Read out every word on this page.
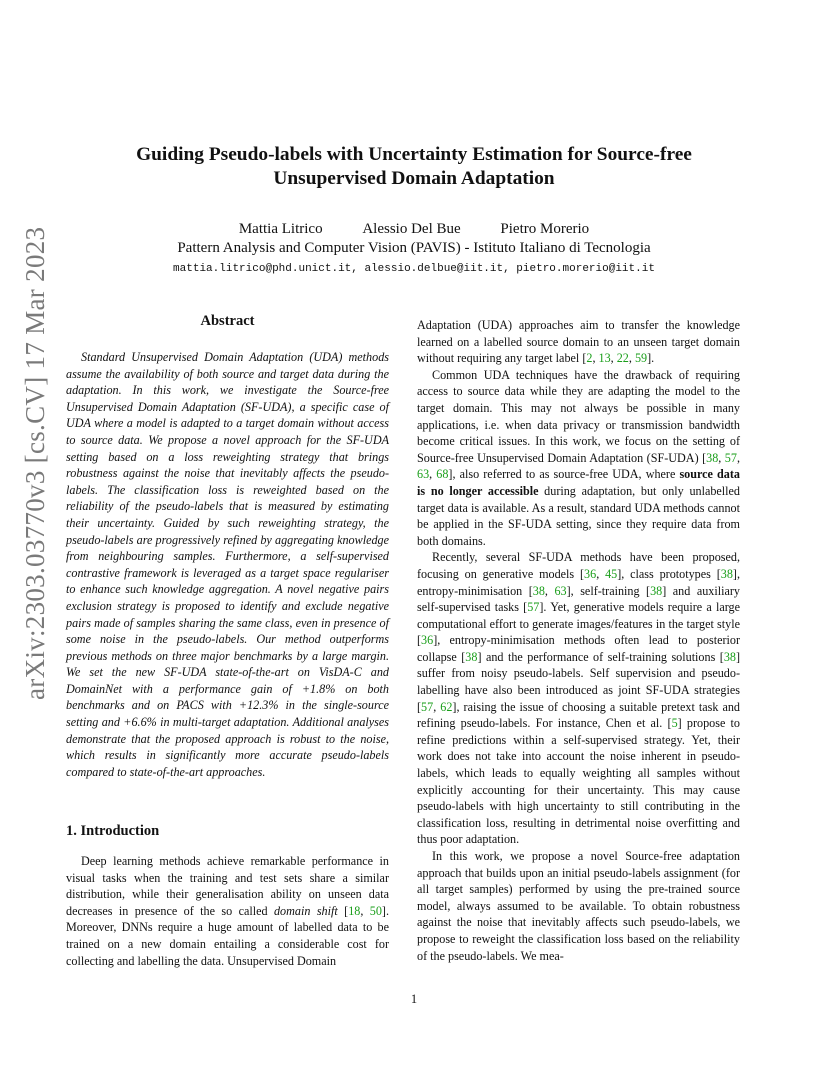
arXiv:2303.03770v3 [cs.CV] 17 Mar 2023
Guiding Pseudo-labels with Uncertainty Estimation for Source-free
Unsupervised Domain Adaptation
Mattia Litrico	Alessio Del Bue	Pietro Morerio
Pattern Analysis and Computer Vision (PAVIS) - Istituto Italiano di Tecnologia
mattia.litrico@phd.unict.it, alessio.delbue@iit.it, pietro.morerio@iit.it
Abstract

Standard Unsupervised Domain Adaptation (UDA) methods assume the availability of both source and target data during the adaptation. In this work, we investigate the Source-free Unsupervised Domain Adaptation (SF-UDA), a specific case of UDA where a model is adapted to a target domain without access to source data. We propose a novel approach for the SF-UDA setting based on a loss reweighting strategy that brings robustness against the noise that inevitably affects the pseudo-labels. The classification loss is reweighted based on the reliability of the pseudo-labels that is measured by estimating their uncertainty. Guided by such reweighting strategy, the pseudo-labels are progressively refined by aggregating knowledge from neighbouring samples. Furthermore, a self-supervised contrastive framework is leveraged as a target space regulariser to enhance such knowledge aggregation. A novel negative pairs exclusion strategy is proposed to identify and exclude negative pairs made of samples sharing the same class, even in presence of some noise in the pseudo-labels. Our method outperforms previous methods on three major benchmarks by a large margin. We set the new SF-UDA state-of-the-art on VisDA-C and DomainNet with a performance gain of +1.8% on both benchmarks and on PACS with +12.3% in the single-source setting and +6.6% in multi-target adaptation. Additional analyses demonstrate that the proposed approach is robust to the noise, which results in significantly more accurate pseudo-labels compared to state-of-the-art approaches.

1. Introduction

Deep learning methods achieve remarkable performance in visual tasks when the training and test sets share a similar distribution, while their generalisation ability on unseen data decreases in presence of the so called domain shift [18, 50]. Moreover, DNNs require a huge amount of labelled data to be trained on a new domain entailing a considerable cost for collecting and labelling the data. Unsupervised Domain

Adaptation (UDA) approaches aim to transfer the knowledge learned on a labelled source domain to an unseen target domain without requiring any target label [2, 13, 22, 59].

Common UDA techniques have the drawback of requiring access to source data while they are adapting the model to the target domain. This may not always be possible in many applications, i.e. when data privacy or transmission bandwidth become critical issues. In this work, we focus on the setting of Source-free Unsupervised Domain Adaptation (SF-UDA) [38, 57, 63, 68], also referred to as source-free UDA, where source data is no longer accessible during adaptation, but only unlabelled target data is available. As a result, standard UDA methods cannot be applied in the SF-UDA setting, since they require data from both domains.

Recently, several SF-UDA methods have been proposed, focusing on generative models [36, 45], class prototypes [38], entropy-minimisation [38, 63], self-training [38] and auxiliary self-supervised tasks [57]. Yet, generative models require a large computational effort to generate images/features in the target style [36], entropy-minimisation methods often lead to posterior collapse [38] and the performance of self-training solutions [38] suffer from noisy pseudo-labels. Self supervision and pseudo-labelling have also been introduced as joint SF-UDA strategies [57, 62], raising the issue of choosing a suitable pretext task and refining pseudo-labels. For instance, Chen et al. [5] propose to refine predictions within a self-supervised strategy. Yet, their work does not take into account the noise inherent in pseudo-labels, which leads to equally weighting all samples without explicitly accounting for their uncertainty. This may cause pseudo-labels with high uncertainty to still contributing in the classification loss, resulting in detrimental noise overfitting and thus poor adaptation.

In this work, we propose a novel Source-free adaptation approach that builds upon an initial pseudo-labels assignment (for all target samples) performed by using the pre-trained source model, always assumed to be available. To obtain robustness against the noise that inevitably affects such pseudo-labels, we propose to reweight the classification loss based on the reliability of the pseudo-labels. We mea-

1
